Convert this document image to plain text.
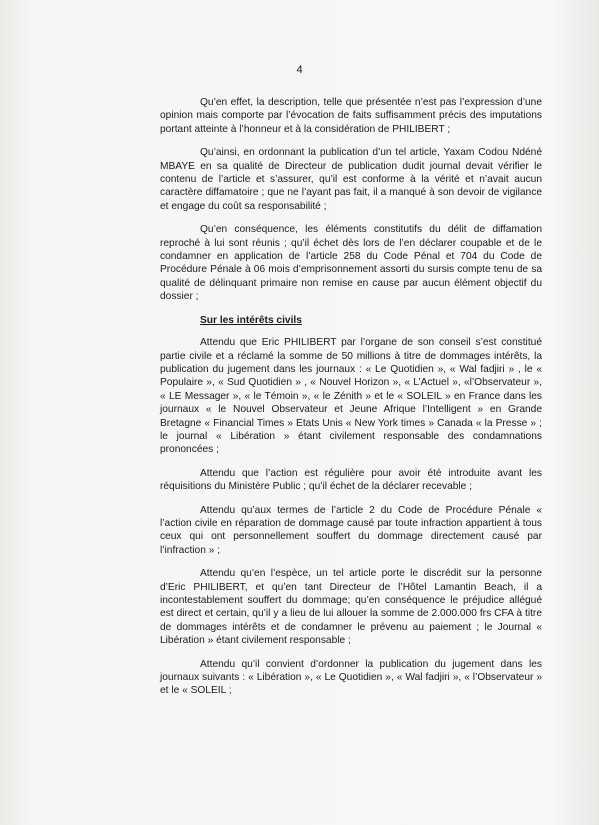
4

Qu’en effet, la description, telle que présentée n’est pas l’expression d’une opinion mais comporte par l’évocation de faits suffisamment précis des imputations portant atteinte à l’honneur et à la considération de PHILIBERT ;

Qu’ainsi, en ordonnant la publication d’un tel article, Yaxam Codou Ndéné MBAYE en sa qualité de Directeur de publication dudit journal devait vérifier le contenu de l’article et s’assurer, qu’il est conforme à la vérité et n’avait aucun caractère diffamatoire ; que ne l’ayant pas fait, il a manqué à son devoir de vigilance et engage du coût sa responsabilité ;

Qu’en conséquence, les éléments constitutifs du délit de diffamation reproché à lui sont réunis ; qu’il échet dès lors de l’en déclarer coupable et de le condamner en application de l’article 258 du Code Pénal et 704 du Code de Procédure Pénale à 06 mois d’emprisonnement assorti du sursis compte tenu de sa qualité de délinquant primaire non remise en cause par aucun élément objectif du dossier ;

Sur les intérêts civils

Attendu que Eric PHILIBERT par l’organe de son conseil s’est constitué partie civile et a réclamé la somme de 50 millions à titre de dommages intérêts, la publication du jugement dans les journaux : « Le Quotidien », « Wal fadjiri » , le « Populaire », « Sud Quotidien » , « Nouvel Horizon », « L’Actuel », «l’Observateur », « LE Messager », « le Témoin », « le Zénith » et le « SOLEIL » en France dans les journaux « le Nouvel Observateur et Jeune Afrique l’Intelligent » en Grande Bretagne « Financial Times » Etats Unis « New York times » Canada « la Presse » ; le journal « Libération » étant civilement responsable des condamnations prononcées ;

Attendu que l’action est régulière pour avoir été introduite avant les réquisitions du Ministère Public ; qu’il échet de la déclarer recevable ;

Attendu qu’aux termes de l’article 2 du Code de Procédure Pénale « l’action civile en réparation de dommage causé par toute infraction appartient à tous ceux qui ont personnellement souffert du dommage directement causé par l’infraction » ;

Attendu qu’en l’espèce, un tel article porte le discrédit sur la personne d’Eric PHILIBERT, et qu’en tant Directeur de l’Hôtel Lamantin Beach, il a incontestablement souffert du dommage; qu’en conséquence le préjudice allégué est direct et certain, qu’il y a lieu de lui allouer la somme de 2.000.000 frs CFA à titre de dommages intérêts et de condamner le prévenu au paiement ; le Journal « Libération » étant civilement responsable ;

Attendu qu’il convient d’ordonner la publication du jugement dans les journaux suivants : « Libération », « Le Quotidien », « Wal fadjiri », « l’Observateur » et le « SOLEIL ;
